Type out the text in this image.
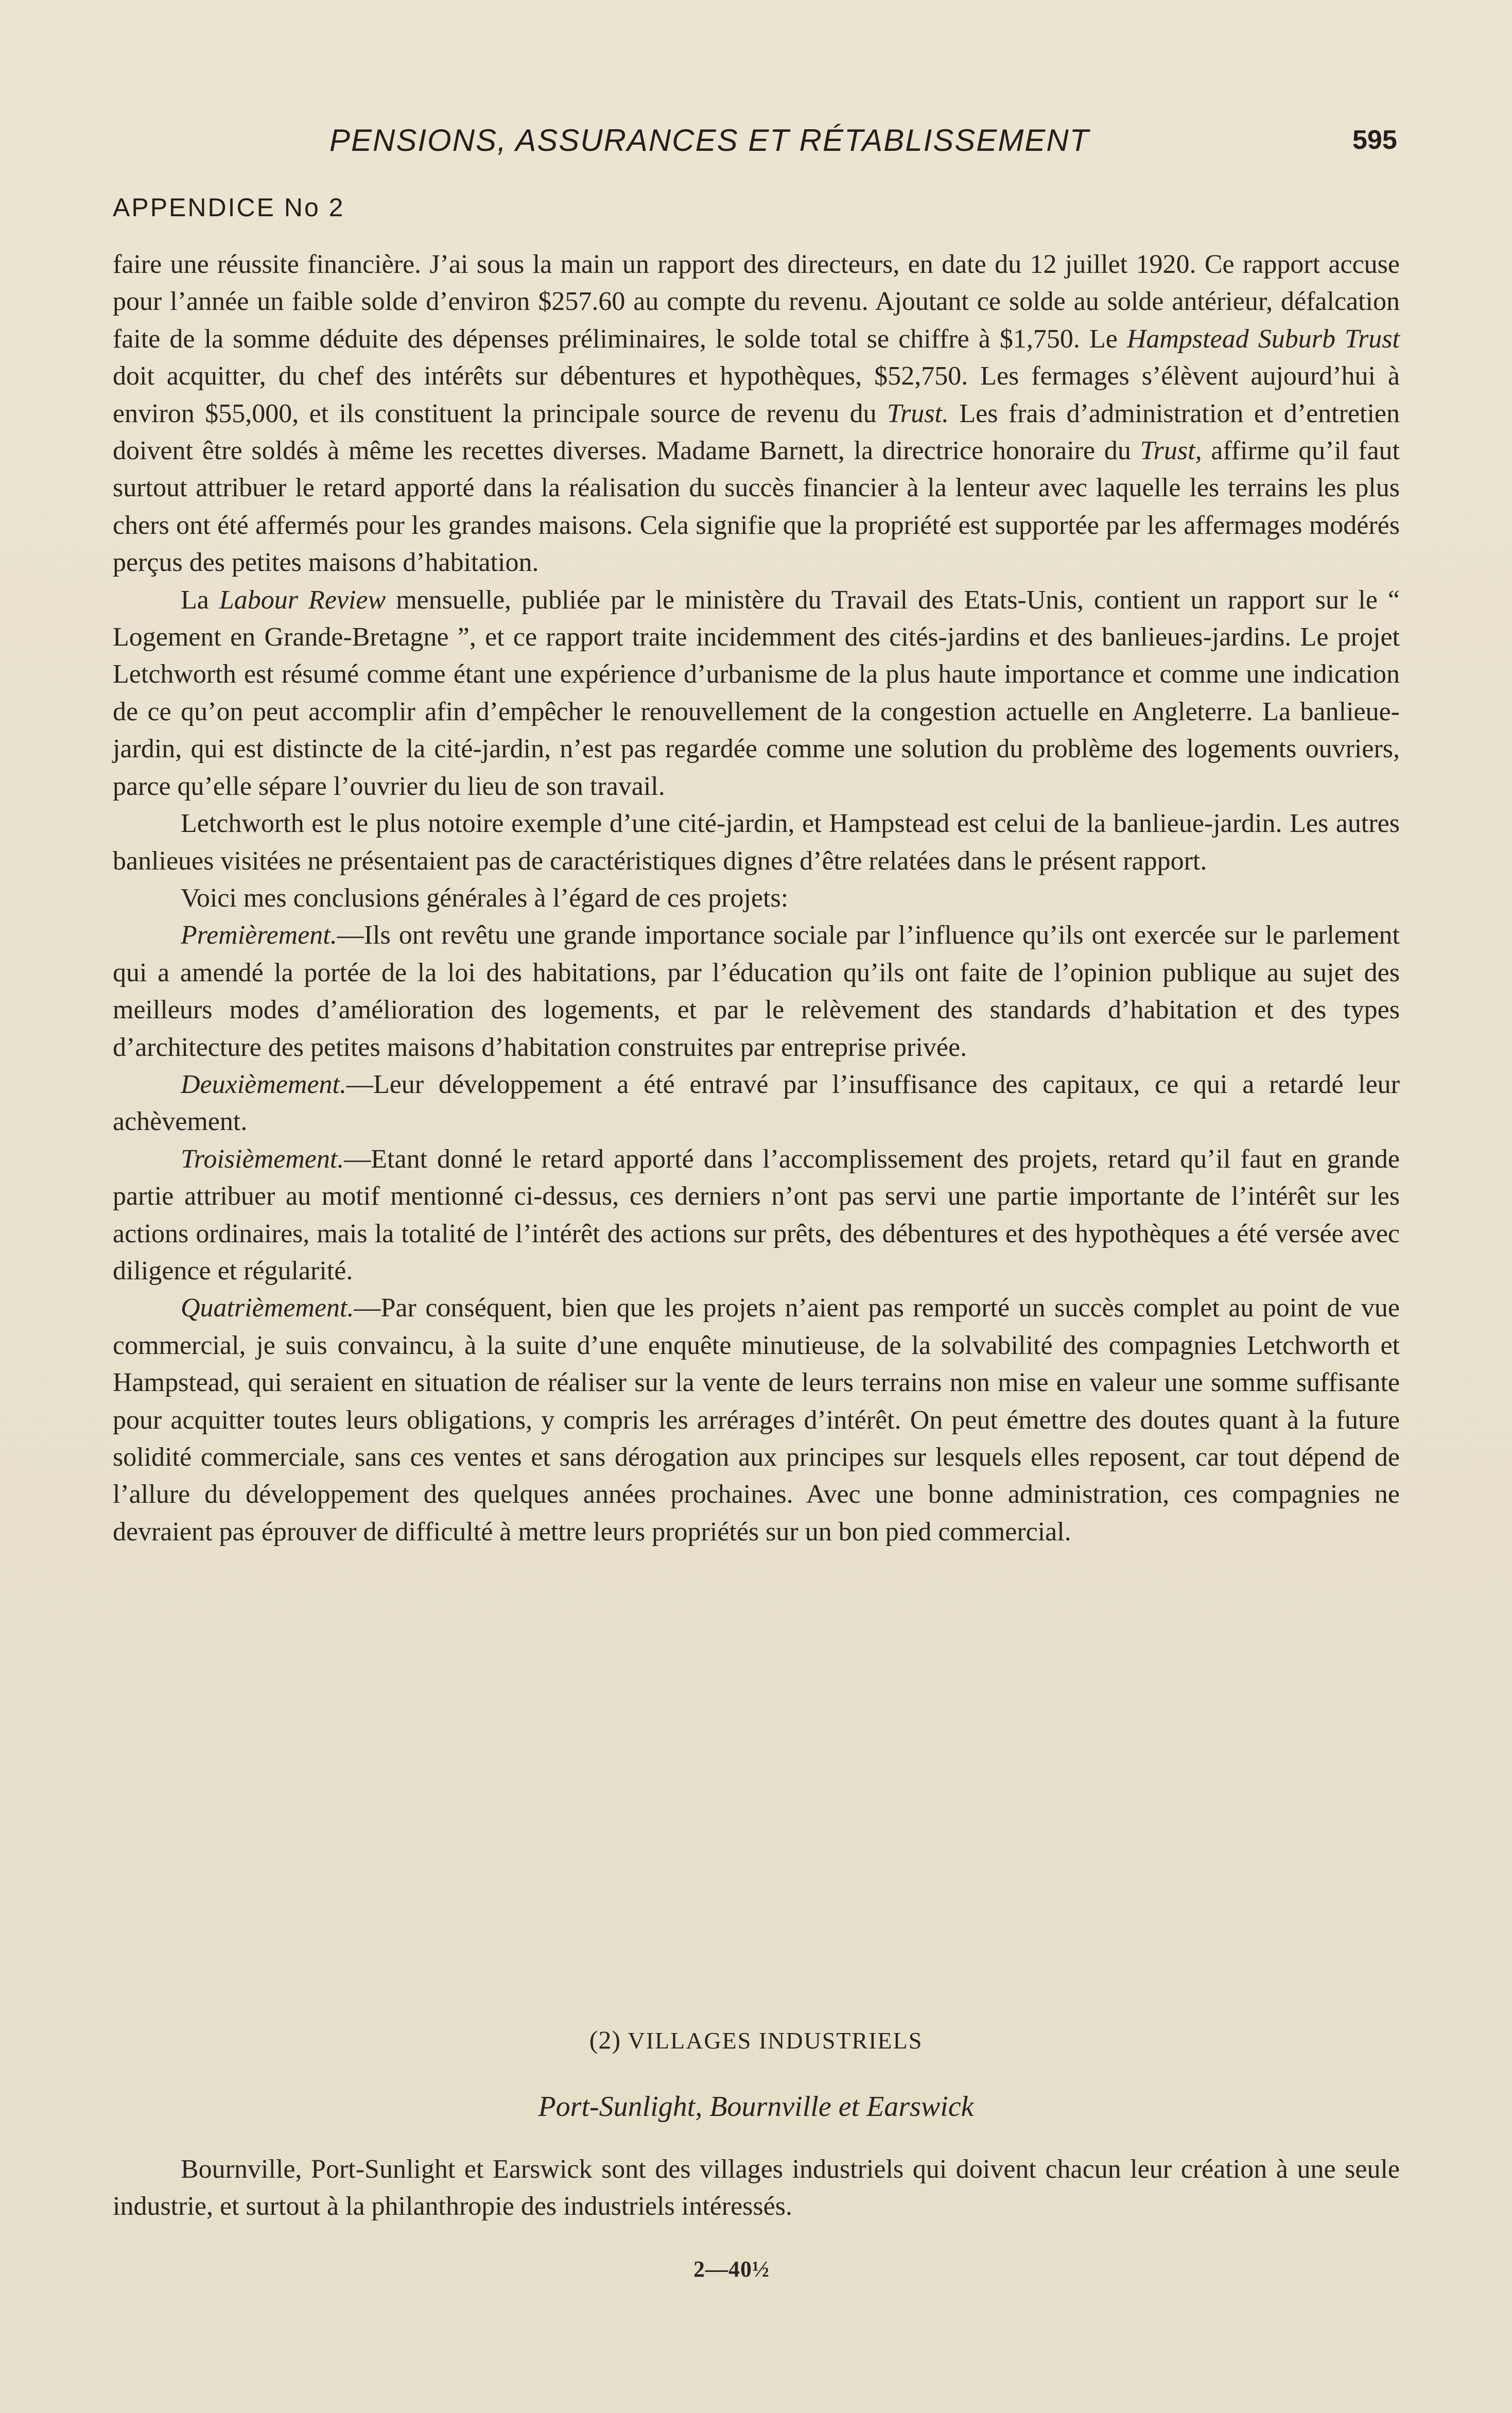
PENSIONS, ASSURANCES ET RÉTABLISSEMENT	595
APPENDICE No 2

faire une réussite financière. J’ai sous la main un rapport des directeurs, en date du 12 juillet 1920. Ce rapport accuse pour l’année un faible solde d’environ $257.60 au compte du revenu. Ajoutant ce solde au solde antérieur, défalcation faite de la somme déduite des dépenses préliminaires, le solde total se chiffre à $1,750. Le Hampstead Suburb Trust doit acquitter, du chef des intérêts sur débentures et hypothèques, $52,750. Les fermages s’élèvent aujourd’hui à environ $55,000, et ils constituent la principale source de revenu du Trust. Les frais d’administration et d’entretien doivent être soldés à même les recettes diverses. Madame Barnett, la directrice honoraire du Trust, affirme qu’il faut surtout attribuer le retard apporté dans la réalisation du succès financier à la lenteur avec laquelle les terrains les plus chers ont été affermés pour les grandes maisons. Cela signifie que la propriété est supportée par les affermages modérés perçus des petites maisons d’habitation.

La Labour Review mensuelle, publiée par le ministère du Travail des Etats-Unis, contient un rapport sur le “ Logement en Grande-Bretagne ”, et ce rapport traite incidemment des cités-jardins et des banlieues-jardins. Le projet Letchworth est résumé comme étant une expérience d’urbanisme de la plus haute importance et comme une indication de ce qu’on peut accomplir afin d’empêcher le renouvellement de la congestion actuelle en Angleterre. La banlieue-jardin, qui est distincte de la cité-jardin, n’est pas regardée comme une solution du problème des logements ouvriers, parce qu’elle sépare l’ouvrier du lieu de son travail.

Letchworth est le plus notoire exemple d’une cité-jardin, et Hampstead est celui de la banlieue-jardin. Les autres banlieues visitées ne présentaient pas de caractéristiques dignes d’être relatées dans le présent rapport.

Voici mes conclusions générales à l’égard de ces projets:

Premièrement.—Ils ont revêtu une grande importance sociale par l’influence qu’ils ont exercée sur le parlement qui a amendé la portée de la loi des habitations, par l’éducation qu’ils ont faite de l’opinion publique au sujet des meilleurs modes d’amélioration des logements, et par le relèvement des standards d’habitation et des types d’architecture des petites maisons d’habitation construites par entreprise privée.

Deuxièmement.—Leur développement a été entravé par l’insuffisance des capitaux, ce qui a retardé leur achèvement.

Troisièmement.—Etant donné le retard apporté dans l’accomplissement des projets, retard qu’il faut en grande partie attribuer au motif mentionné ci-dessus, ces derniers n’ont pas servi une partie importante de l’intérêt sur les actions ordinaires, mais la totalité de l’intérêt des actions sur prêts, des débentures et des hypothèques a été versée avec diligence et régularité.

Quatrièmement.—Par conséquent, bien que les projets n’aient pas remporté un succès complet au point de vue commercial, je suis convaincu, à la suite d’une enquête minutieuse, de la solvabilité des compagnies Letchworth et Hampstead, qui seraient en situation de réaliser sur la vente de leurs terrains non mise en valeur une somme suffisante pour acquitter toutes leurs obligations, y compris les arrérages d’intérêt. On peut émettre des doutes quant à la future solidité commerciale, sans ces ventes et sans dérogation aux principes sur lesquels elles reposent, car tout dépend de l’allure du développement des quelques années prochaines. Avec une bonne administration, ces compagnies ne devraient pas éprouver de difficulté à mettre leurs propriétés sur un bon pied commercial.

(2) VILLAGES INDUSTRIELS
Port-Sunlight, Bournville et Earswick

Bournville, Port-Sunlight et Earswick sont des villages industriels qui doivent chacun leur création à une seule industrie, et surtout à la philanthropie des industriels intéressés.

2—40½
